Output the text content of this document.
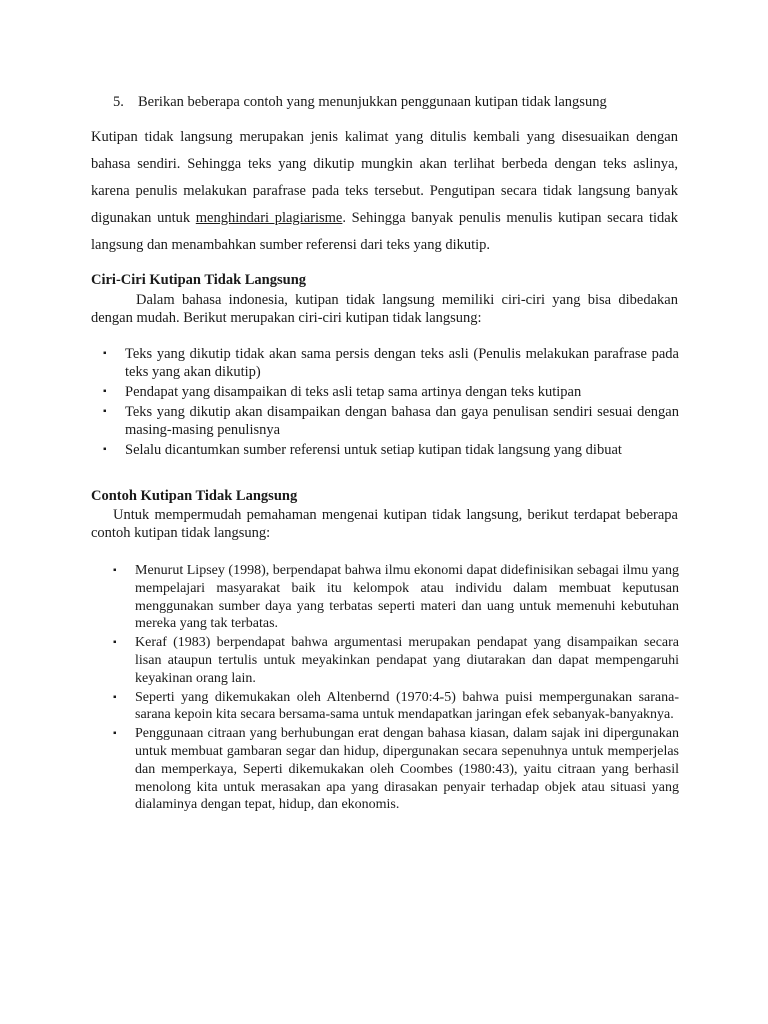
5. Berikan beberapa contoh yang menunjukkan penggunaan kutipan tidak langsung
Kutipan tidak langsung merupakan jenis kalimat yang ditulis kembali yang disesuaikan dengan bahasa sendiri. Sehingga teks yang dikutip mungkin akan terlihat berbeda dengan teks aslinya, karena penulis melakukan parafrase pada teks tersebut. Pengutipan secara tidak langsung banyak digunakan untuk menghindari plagiarisme. Sehingga banyak penulis menulis kutipan secara tidak langsung dan menambahkan sumber referensi dari teks yang dikutip.
Ciri-Ciri Kutipan Tidak Langsung
Dalam bahasa indonesia, kutipan tidak langsung memiliki ciri-ciri yang bisa dibedakan dengan mudah. Berikut merupakan ciri-ciri kutipan tidak langsung:
▪ Teks yang dikutip tidak akan sama persis dengan teks asli (Penulis melakukan parafrase pada teks yang akan dikutip)
▪ Pendapat yang disampaikan di teks asli tetap sama artinya dengan teks kutipan
▪ Teks yang dikutip akan disampaikan dengan bahasa dan gaya penulisan sendiri sesuai dengan masing-masing penulisnya
▪ Selalu dicantumkan sumber referensi untuk setiap kutipan tidak langsung yang dibuat
Contoh Kutipan Tidak Langsung
Untuk mempermudah pemahaman mengenai kutipan tidak langsung, berikut terdapat beberapa contoh kutipan tidak langsung:
▪ Menurut Lipsey (1998), berpendapat bahwa ilmu ekonomi dapat didefinisikan sebagai ilmu yang mempelajari masyarakat baik itu kelompok atau individu dalam membuat keputusan menggunakan sumber daya yang terbatas seperti materi dan uang untuk memenuhi kebutuhan mereka yang tak terbatas.
▪ Keraf (1983) berpendapat bahwa argumentasi merupakan pendapat yang disampaikan secara lisan ataupun tertulis untuk meyakinkan pendapat yang diutarakan dan dapat mempengaruhi keyakinan orang lain.
▪ Seperti yang dikemukakan oleh Altenbernd (1970:4-5) bahwa puisi mempergunakan sarana-sarana kepoin kita secara bersama-sama untuk mendapatkan jaringan efek sebanyak-banyaknya.
▪ Penggunaan citraan yang berhubungan erat dengan bahasa kiasan, dalam sajak ini dipergunakan untuk membuat gambaran segar dan hidup, dipergunakan secara sepenuhnya untuk memperjelas dan memperkaya, Seperti dikemukakan oleh Coombes (1980:43), yaitu citraan yang berhasil menolong kita untuk merasakan apa yang dirasakan penyair terhadap objek atau situasi yang dialaminya dengan tepat, hidup, dan ekonomis.
